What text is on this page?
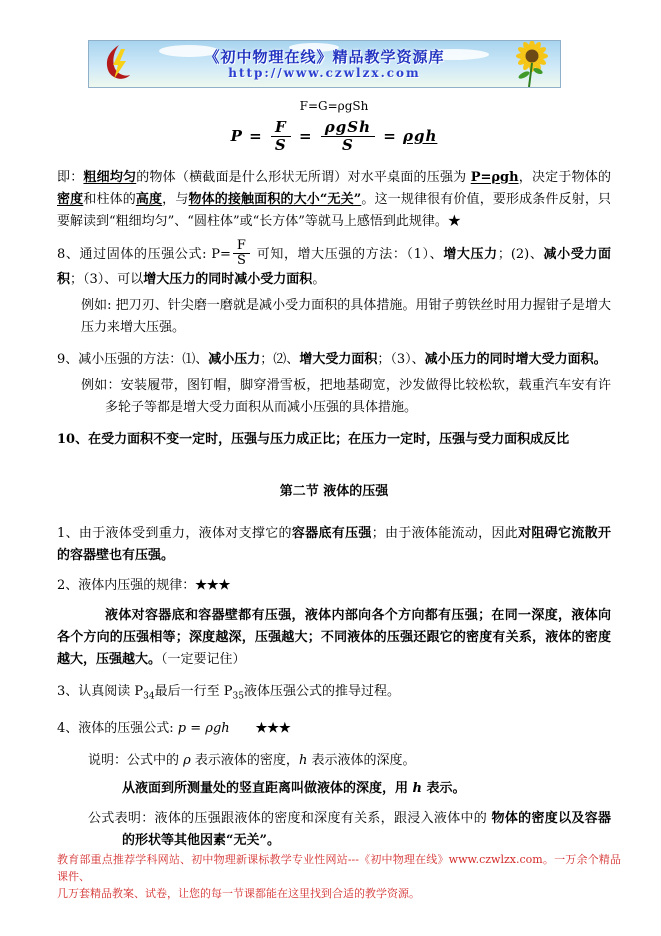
《初中物理在线》精品教学资源库
http://www.czwlzx.com
F=G=ρgSh
$P = \frac{F}{S} = \frac{\text{ρgSh}}{S} = \rho gh$
即：粗细均匀的物体（横截面是什么形状无所谓）对水平桌面的压强为 P=ρgh，决定于物体的密度和柱体的高度，与物体的接触面积的大小“无关”。这一规律很有价值，要形成条件反射，只要解读到“粗细均匀”、“圆柱体”或“长方体”等就马上感悟到此规律。★
8、通过固体的压强公式: $P= \frac{F}{S}$ 可知，增大压强的方法：（1）、增大压力；(2)、减小受力面积；（3）、可以增大压力的同时减小受力面积。
例如: 把刀刃、针尖磨一磨就是减小受力面积的具体措施。用钳子剪铁丝时用力握钳子是增大压力来增大压强。
9、减小压强的方法：⑴、减小压力；⑵、增大受力面积；（3）、减小压力的同时增大受力面积。
例如：安装履带，图钉帽，脚穿滑雪板，把地基砌宽，沙发做得比较松软，载重汽车安有许多轮子等都是增大受力面积从而减小压强的具体措施。
10、在受力面积不变一定时，压强与压力成正比；在压力一定时，压强与受力面积成反比
第二节 液体的压强
1、由于液体受到重力，液体对支撑它的容器底有压强；由于液体能流动，因此对阻碍它流散开的容器壁也有压强。
2、液体内压强的规律：★★★
液体对容器底和容器壁都有压强，液体内部向各个方向都有压强；在同一深度，液体向各个方向的压强相等；深度越深，压强越大；不同液体的压强还跟它的密度有关系，液体的密度越大，压强越大。（一定要记住）
3、认真阅读 $P_{34}$最后一行至 $P_{35}$液体压强公式的推导过程。
4、液体的压强公式: p = ρgh　　 ★★★
说明：公式中的 ρ 表示液体的密度，h 表示液体的深度。
从液面到所测量处的竖直距离叫做液体的深度，用 h 表示。
公式表明：液体的压强跟液体的密度和深度有关系，跟浸入液体中的 物体的密度以及容器的形状等其他因素“无关”。
教育部重点推荐学科网站、初中物理新课标教学专业性网站---《初中物理在线》www.czwlzx.com。一万余个精品课件、
几万套精品教案、试卷，让您的每一节课都能在这里找到合适的教学资源。
